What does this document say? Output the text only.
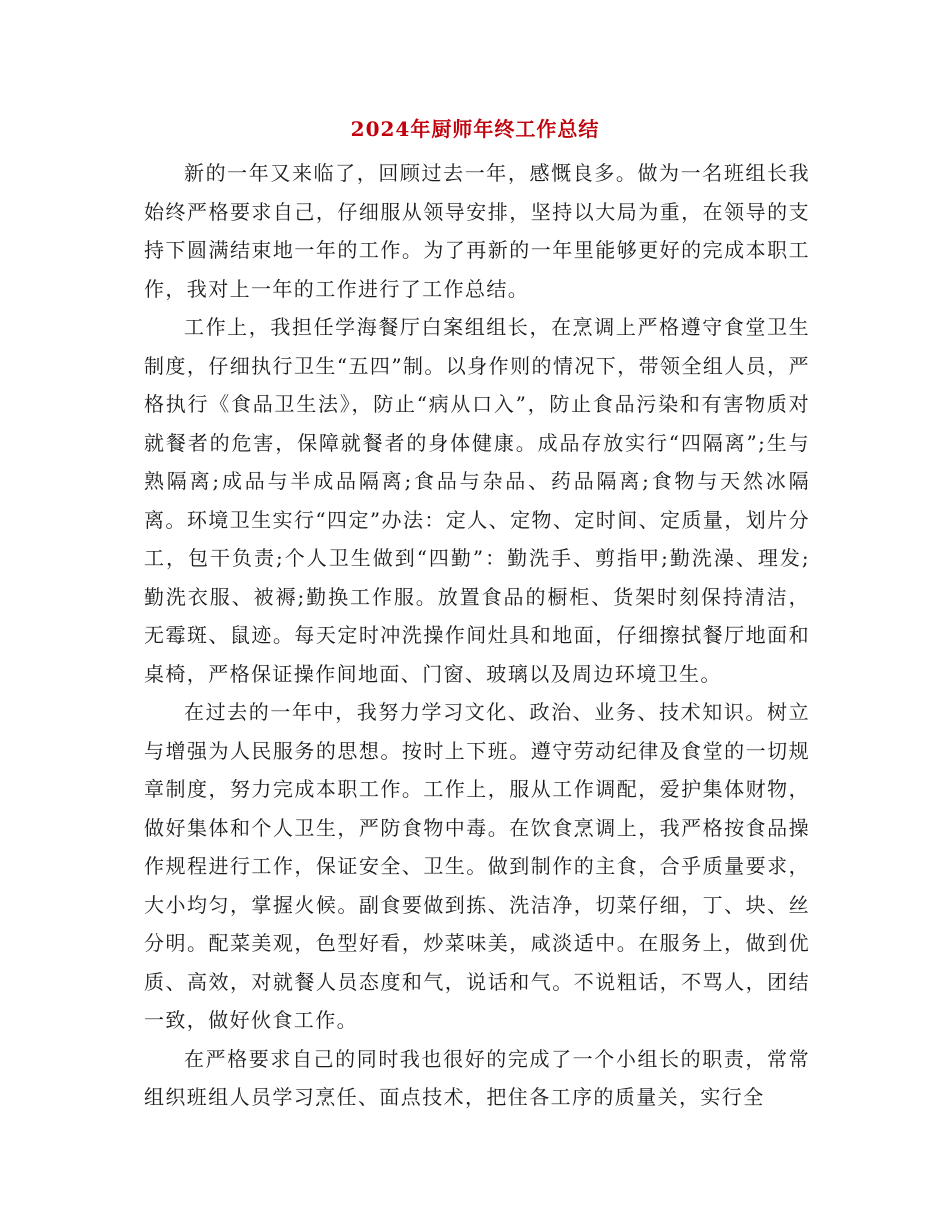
2024年厨师年终工作总结

新的一年又来临了，回顾过去一年，感慨良多。做为一名班组长我始终严格要求自己，仔细服从领导安排，坚持以大局为重，在领导的支持下圆满结束地一年的工作。为了再新的一年里能够更好的完成本职工作，我对上一年的工作进行了工作总结。

工作上，我担任学海餐厅白案组组长，在烹调上严格遵守食堂卫生制度，仔细执行卫生“五四”制。以身作则的情况下，带领全组人员，严格执行《食品卫生法》，防止“病从口入”，防止食品污染和有害物质对就餐者的危害，保障就餐者的身体健康。成品存放实行“四隔离”;生与熟隔离;成品与半成品隔离;食品与杂品、药品隔离;食物与天然冰隔离。环境卫生实行“四定”办法：定人、定物、定时间、定质量，划片分工，包干负责;个人卫生做到“四勤”：勤洗手、剪指甲;勤洗澡、理发;勤洗衣服、被褥;勤换工作服。放置食品的橱柜、货架时刻保持清洁，无霉斑、鼠迹。每天定时冲洗操作间灶具和地面，仔细擦拭餐厅地面和桌椅，严格保证操作间地面、门窗、玻璃以及周边环境卫生。

在过去的一年中，我努力学习文化、政治、业务、技术知识。树立与增强为人民服务的思想。按时上下班。遵守劳动纪律及食堂的一切规章制度，努力完成本职工作。工作上，服从工作调配，爱护集体财物，做好集体和个人卫生，严防食物中毒。在饮食烹调上，我严格按食品操作规程进行工作，保证安全、卫生。做到制作的主食，合乎质量要求，大小均匀，掌握火候。副食要做到拣、洗洁净，切菜仔细，丁、块、丝分明。配菜美观，色型好看，炒菜味美，咸淡适中。在服务上，做到优质、高效，对就餐人员态度和气，说话和气。不说粗话，不骂人，团结一致，做好伙食工作。

在严格要求自己的同时我也很好的完成了一个小组长的职责，常常组织班组人员学习烹任、面点技术，把住各工序的质量关，实行全
